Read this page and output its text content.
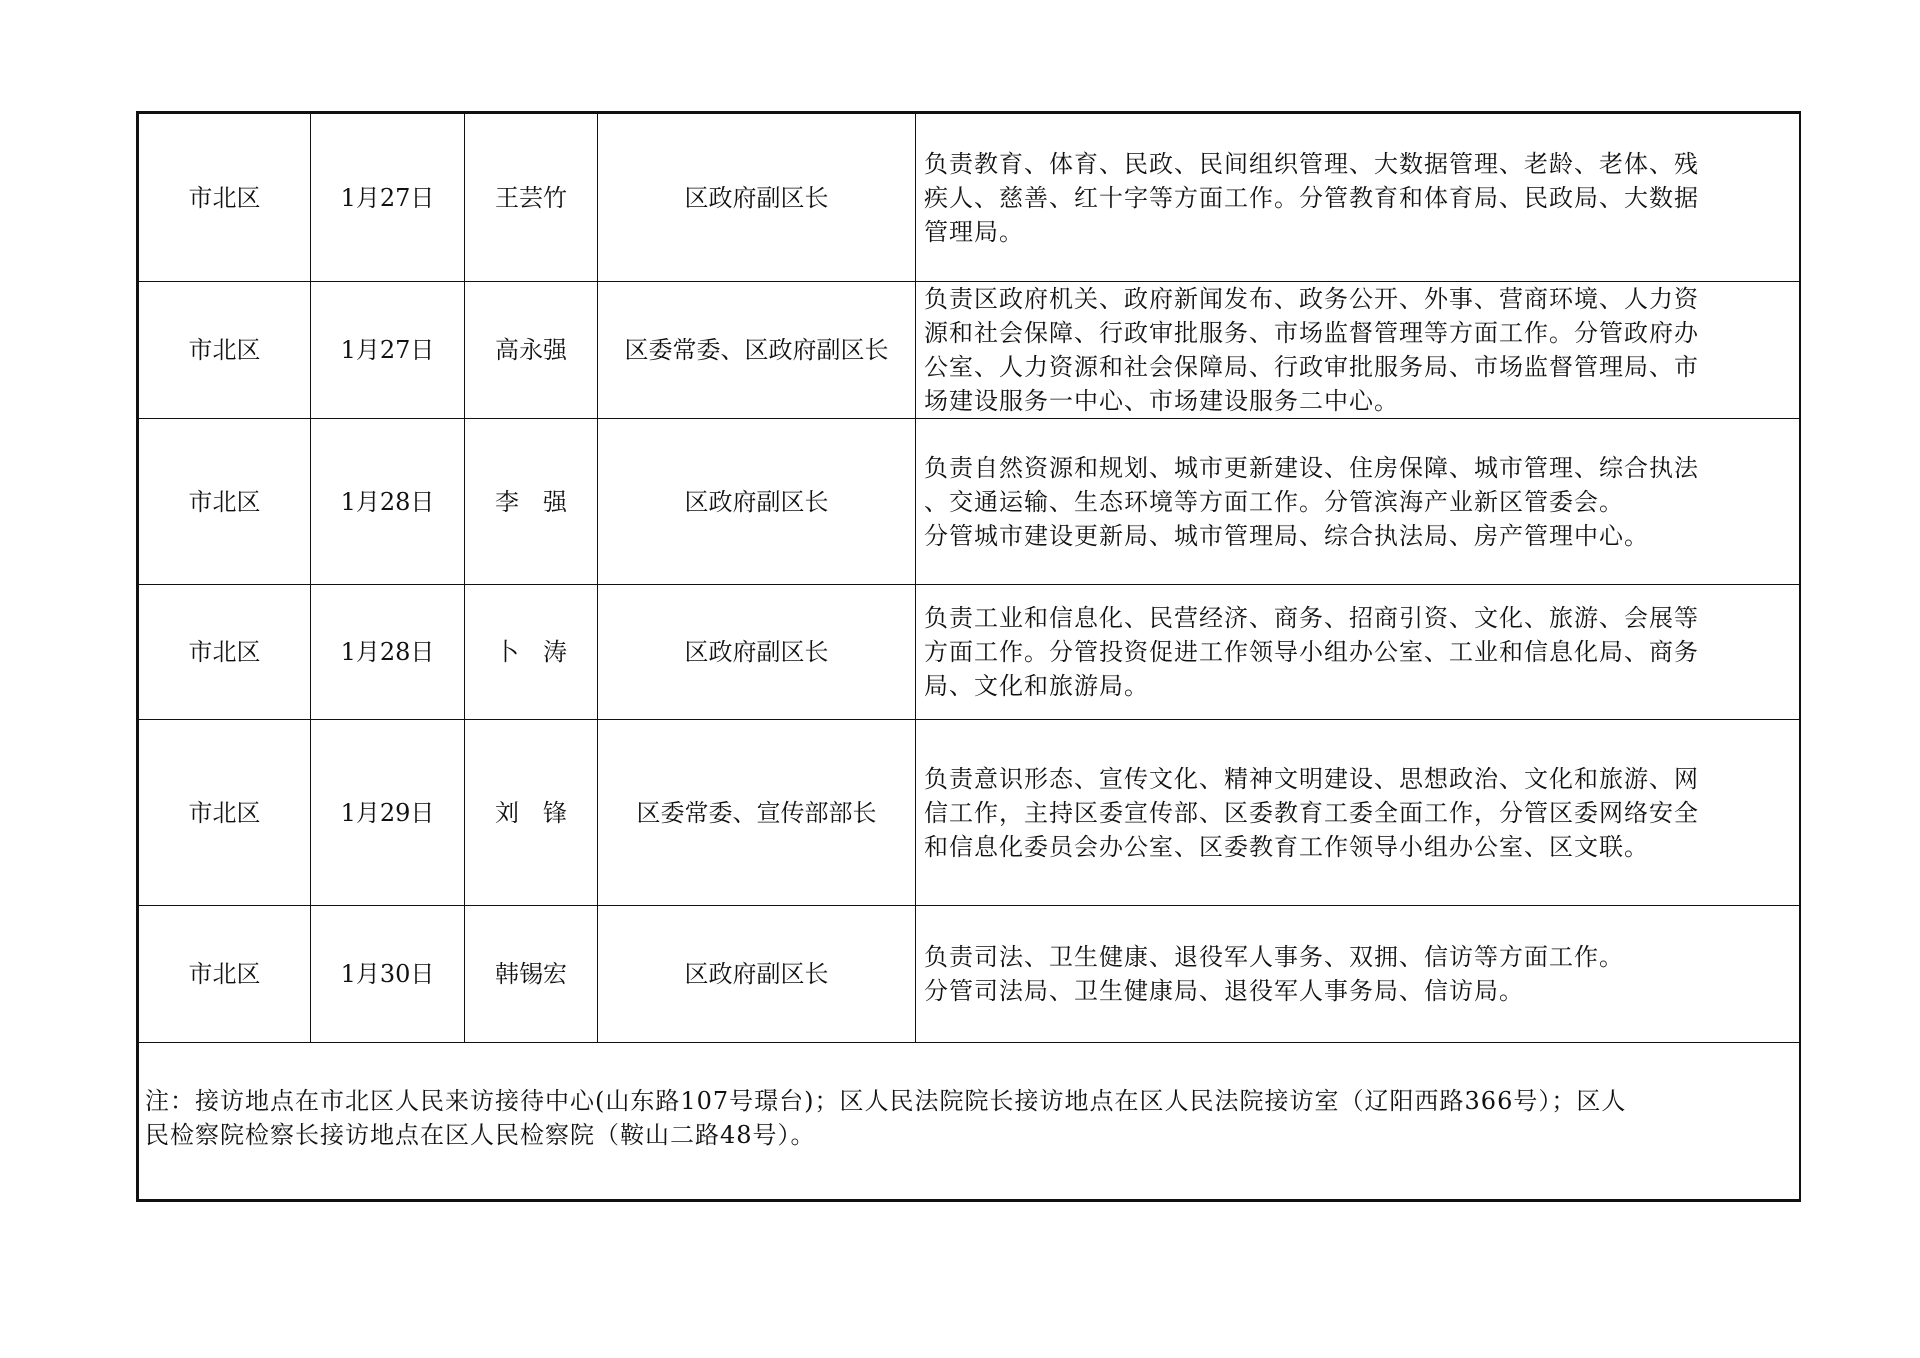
市北区	1月27日	王芸竹	区政府副区长	负责教育、体育、民政、民间组织管理、大数据管理、老龄、老体、残
疾人、慈善、红十字等方面工作。分管教育和体育局、民政局、大数据
管理局。

市北区	1月27日	高永强	区委常委、区政府副区长	负责区政府机关、政府新闻发布、政务公开、外事、营商环境、人力资
源和社会保障、行政审批服务、市场监督管理等方面工作。分管政府办
公室、人力资源和社会保障局、行政审批服务局、市场监督管理局、市
场建设服务一中心、市场建设服务二中心。

市北区	1月28日	李　强	区政府副区长	负责自然资源和规划、城市更新建设、住房保障、城市管理、综合执法
、交通运输、生态环境等方面工作。分管滨海产业新区管委会。
分管城市建设更新局、城市管理局、综合执法局、房产管理中心。

市北区	1月28日	卜　涛	区政府副区长	负责工业和信息化、民营经济、商务、招商引资、文化、旅游、会展等
方面工作。分管投资促进工作领导小组办公室、工业和信息化局、商务
局、文化和旅游局。

市北区	1月29日	刘　锋	区委常委、宣传部部长	负责意识形态、宣传文化、精神文明建设、思想政治、文化和旅游、网
信工作，主持区委宣传部、区委教育工委全面工作，分管区委网络安全
和信息化委员会办公室、区委教育工作领导小组办公室、区文联。

市北区	1月30日	韩锡宏	区政府副区长	负责司法、卫生健康、退役军人事务、双拥、信访等方面工作。
分管司法局、卫生健康局、退役军人事务局、信访局。

注：接访地点在市北区人民来访接待中心(山东路107号璟台)；区人民法院院长接访地点在区人民法院接访室（辽阳西路366号）；区人
民检察院检察长接访地点在区人民检察院（鞍山二路48号）。				
